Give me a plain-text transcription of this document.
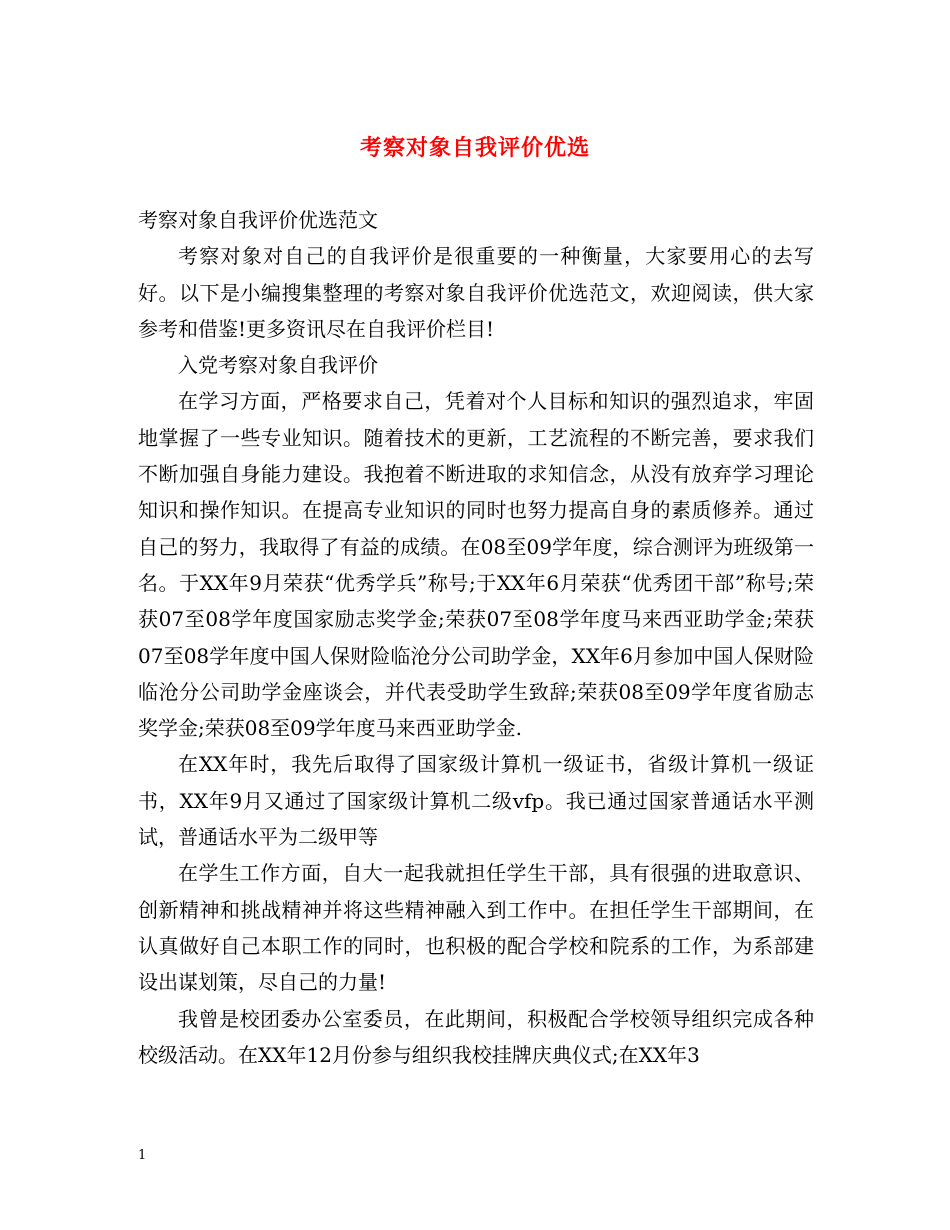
考察对象自我评价优选

考察对象自我评价优选范文

考察对象对自己的自我评价是很重要的一种衡量，大家要用心的去写好。以下是小编搜集整理的考察对象自我评价优选范文，欢迎阅读，供大家参考和借鉴!更多资讯尽在自我评价栏目!

入党考察对象自我评价

在学习方面，严格要求自己，凭着对个人目标和知识的强烈追求，牢固地掌握了一些专业知识。随着技术的更新，工艺流程的不断完善，要求我们不断加强自身能力建设。我抱着不断进取的求知信念，从没有放弃学习理论知识和操作知识。在提高专业知识的同时也努力提高自身的素质修养。通过自己的努力，我取得了有益的成绩。在08至09学年度，综合测评为班级第一名。于XX年9月荣获“优秀学兵”称号;于XX年6月荣获“优秀团干部”称号;荣获07至08学年度国家励志奖学金;荣获07至08学年度马来西亚助学金;荣获07至08学年度中国人保财险临沧分公司助学金，XX年6月参加中国人保财险临沧分公司助学金座谈会，并代表受助学生致辞;荣获08至09学年度省励志奖学金;荣获08至09学年度马来西亚助学金.

在XX年时，我先后取得了国家级计算机一级证书，省级计算机一级证书，XX年9月又通过了国家级计算机二级vfp。我已通过国家普通话水平测试，普通话水平为二级甲等

在学生工作方面，自大一起我就担任学生干部，具有很强的进取意识、创新精神和挑战精神并将这些精神融入到工作中。在担任学生干部期间，在认真做好自己本职工作的同时，也积极的配合学校和院系的工作，为系部建设出谋划策，尽自己的力量!

我曾是校团委办公室委员，在此期间，积极配合学校领导组织完成各种校级活动。在XX年12月份参与组织我校挂牌庆典仪式;在XX年3

1
